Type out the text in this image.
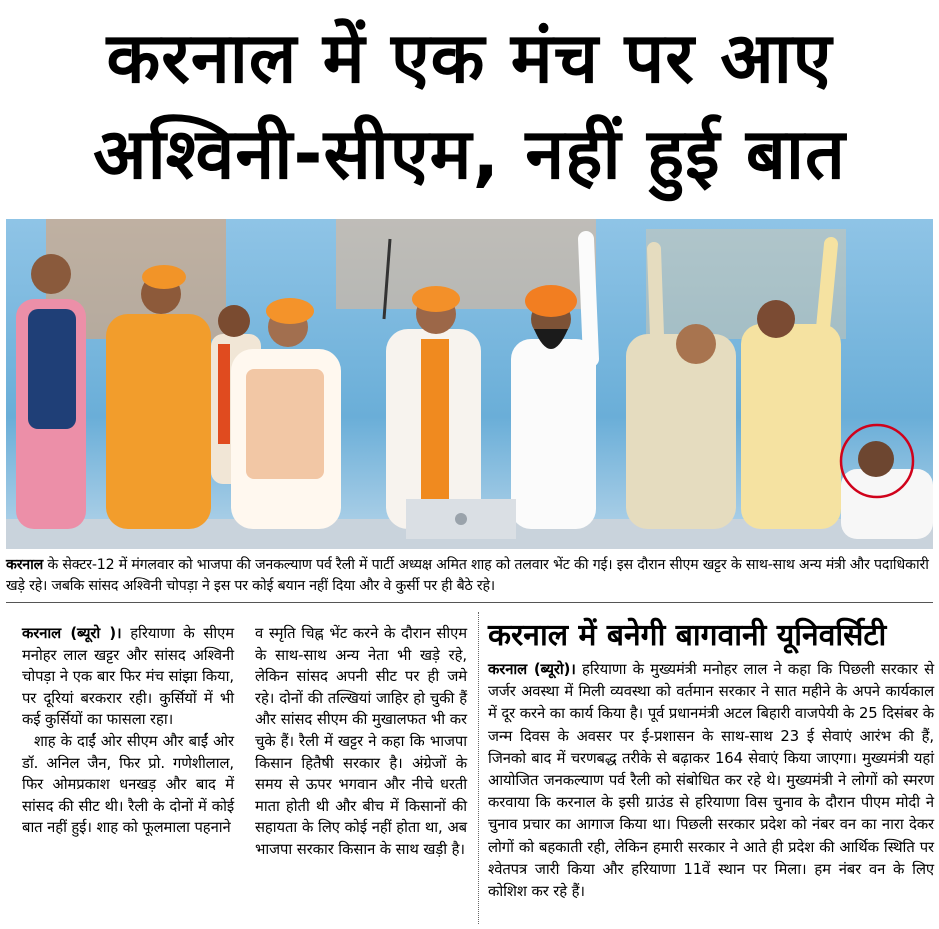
करनाल में एक मंच पर आए
अश्विनी-सीएम, नहीं हुई बात
करनाल के सेक्टर-12 में मंगलवार को भाजपा की जनकल्याण पर्व रैली में पार्टी अध्यक्ष अमित शाह को तलवार भेंट की गई। इस दौरान सीएम खट्टर के साथ-साथ अन्य मंत्री और पदाधिकारी खड़े रहे। जबकि सांसद अश्विनी चोपड़ा ने इस पर कोई बयान नहीं दिया और वे कुर्सी पर ही बैठे रहे।

करनाल (ब्यूरो )। हरियाणा के सीएम मनोहर लाल खट्टर और सांसद अश्विनी चोपड़ा ने एक बार फिर मंच सांझा किया, पर दूरियां बरकरार रही। कुर्सियों में भी कई कुर्सियों का फासला रहा।

शाह के दाईं ओर सीएम और बाईं ओर डॉ. अनिल जैन, फिर प्रो. गणेशीलाल, फिर ओमप्रकाश धनखड़ और बाद में सांसद की सीट थी। रैली के दोनों में कोई बात नहीं हुई। शाह को फूलमाला पहनाने

व स्मृति चिह्न भेंट करने के दौरान सीएम के साथ-साथ अन्य नेता भी खड़े रहे, लेकिन सांसद अपनी सीट पर ही जमे रहे। दोनों की तल्खियां जाहिर हो चुकी हैं और सांसद सीएम की मुखालफत भी कर चुके हैं। रैली में खट्टर ने कहा कि भाजपा किसान हितैषी सरकार है। अंग्रेजों के समय से ऊपर भगवान और नीचे धरती माता होती थी और बीच में किसानों की सहायता के लिए कोई नहीं होता था, अब भाजपा सरकार किसान के साथ खड़ी है।

करनाल में बनेगी बागवानी यूनिवर्सिटी
करनाल (ब्यूरो)। हरियाणा के मुख्यमंत्री मनोहर लाल ने कहा कि पिछली सरकार से जर्जर अवस्था में मिली व्यवस्था को वर्तमान सरकार ने सात महीने के अपने कार्यकाल में दूर करने का कार्य किया है। पूर्व प्रधानमंत्री अटल बिहारी वाजपेयी के 25 दिसंबर के जन्म दिवस के अवसर पर ई-प्रशासन के साथ-साथ 23 ई सेवाएं आरंभ की हैं, जिनको बाद में चरणबद्ध तरीके से बढ़ाकर 164 सेवाएं किया जाएगा। मुख्यमंत्री यहां आयोजित जनकल्याण पर्व रैली को संबोधित कर रहे थे। मुख्यमंत्री ने लोगों को स्मरण करवाया कि करनाल के इसी ग्राउंड से हरियाणा विस चुनाव के दौरान पीएम मोदी ने चुनाव प्रचार का आगाज किया था। पिछली सरकार प्रदेश को नंबर वन का नारा देकर लोगों को बहकाती रही, लेकिन हमारी सरकार ने आते ही प्रदेश की आर्थिक स्थिति पर श्वेतपत्र जारी किया और हरियाणा 11वें स्थान पर मिला। हम नंबर वन के लिए कोशिश कर रहे हैं।
